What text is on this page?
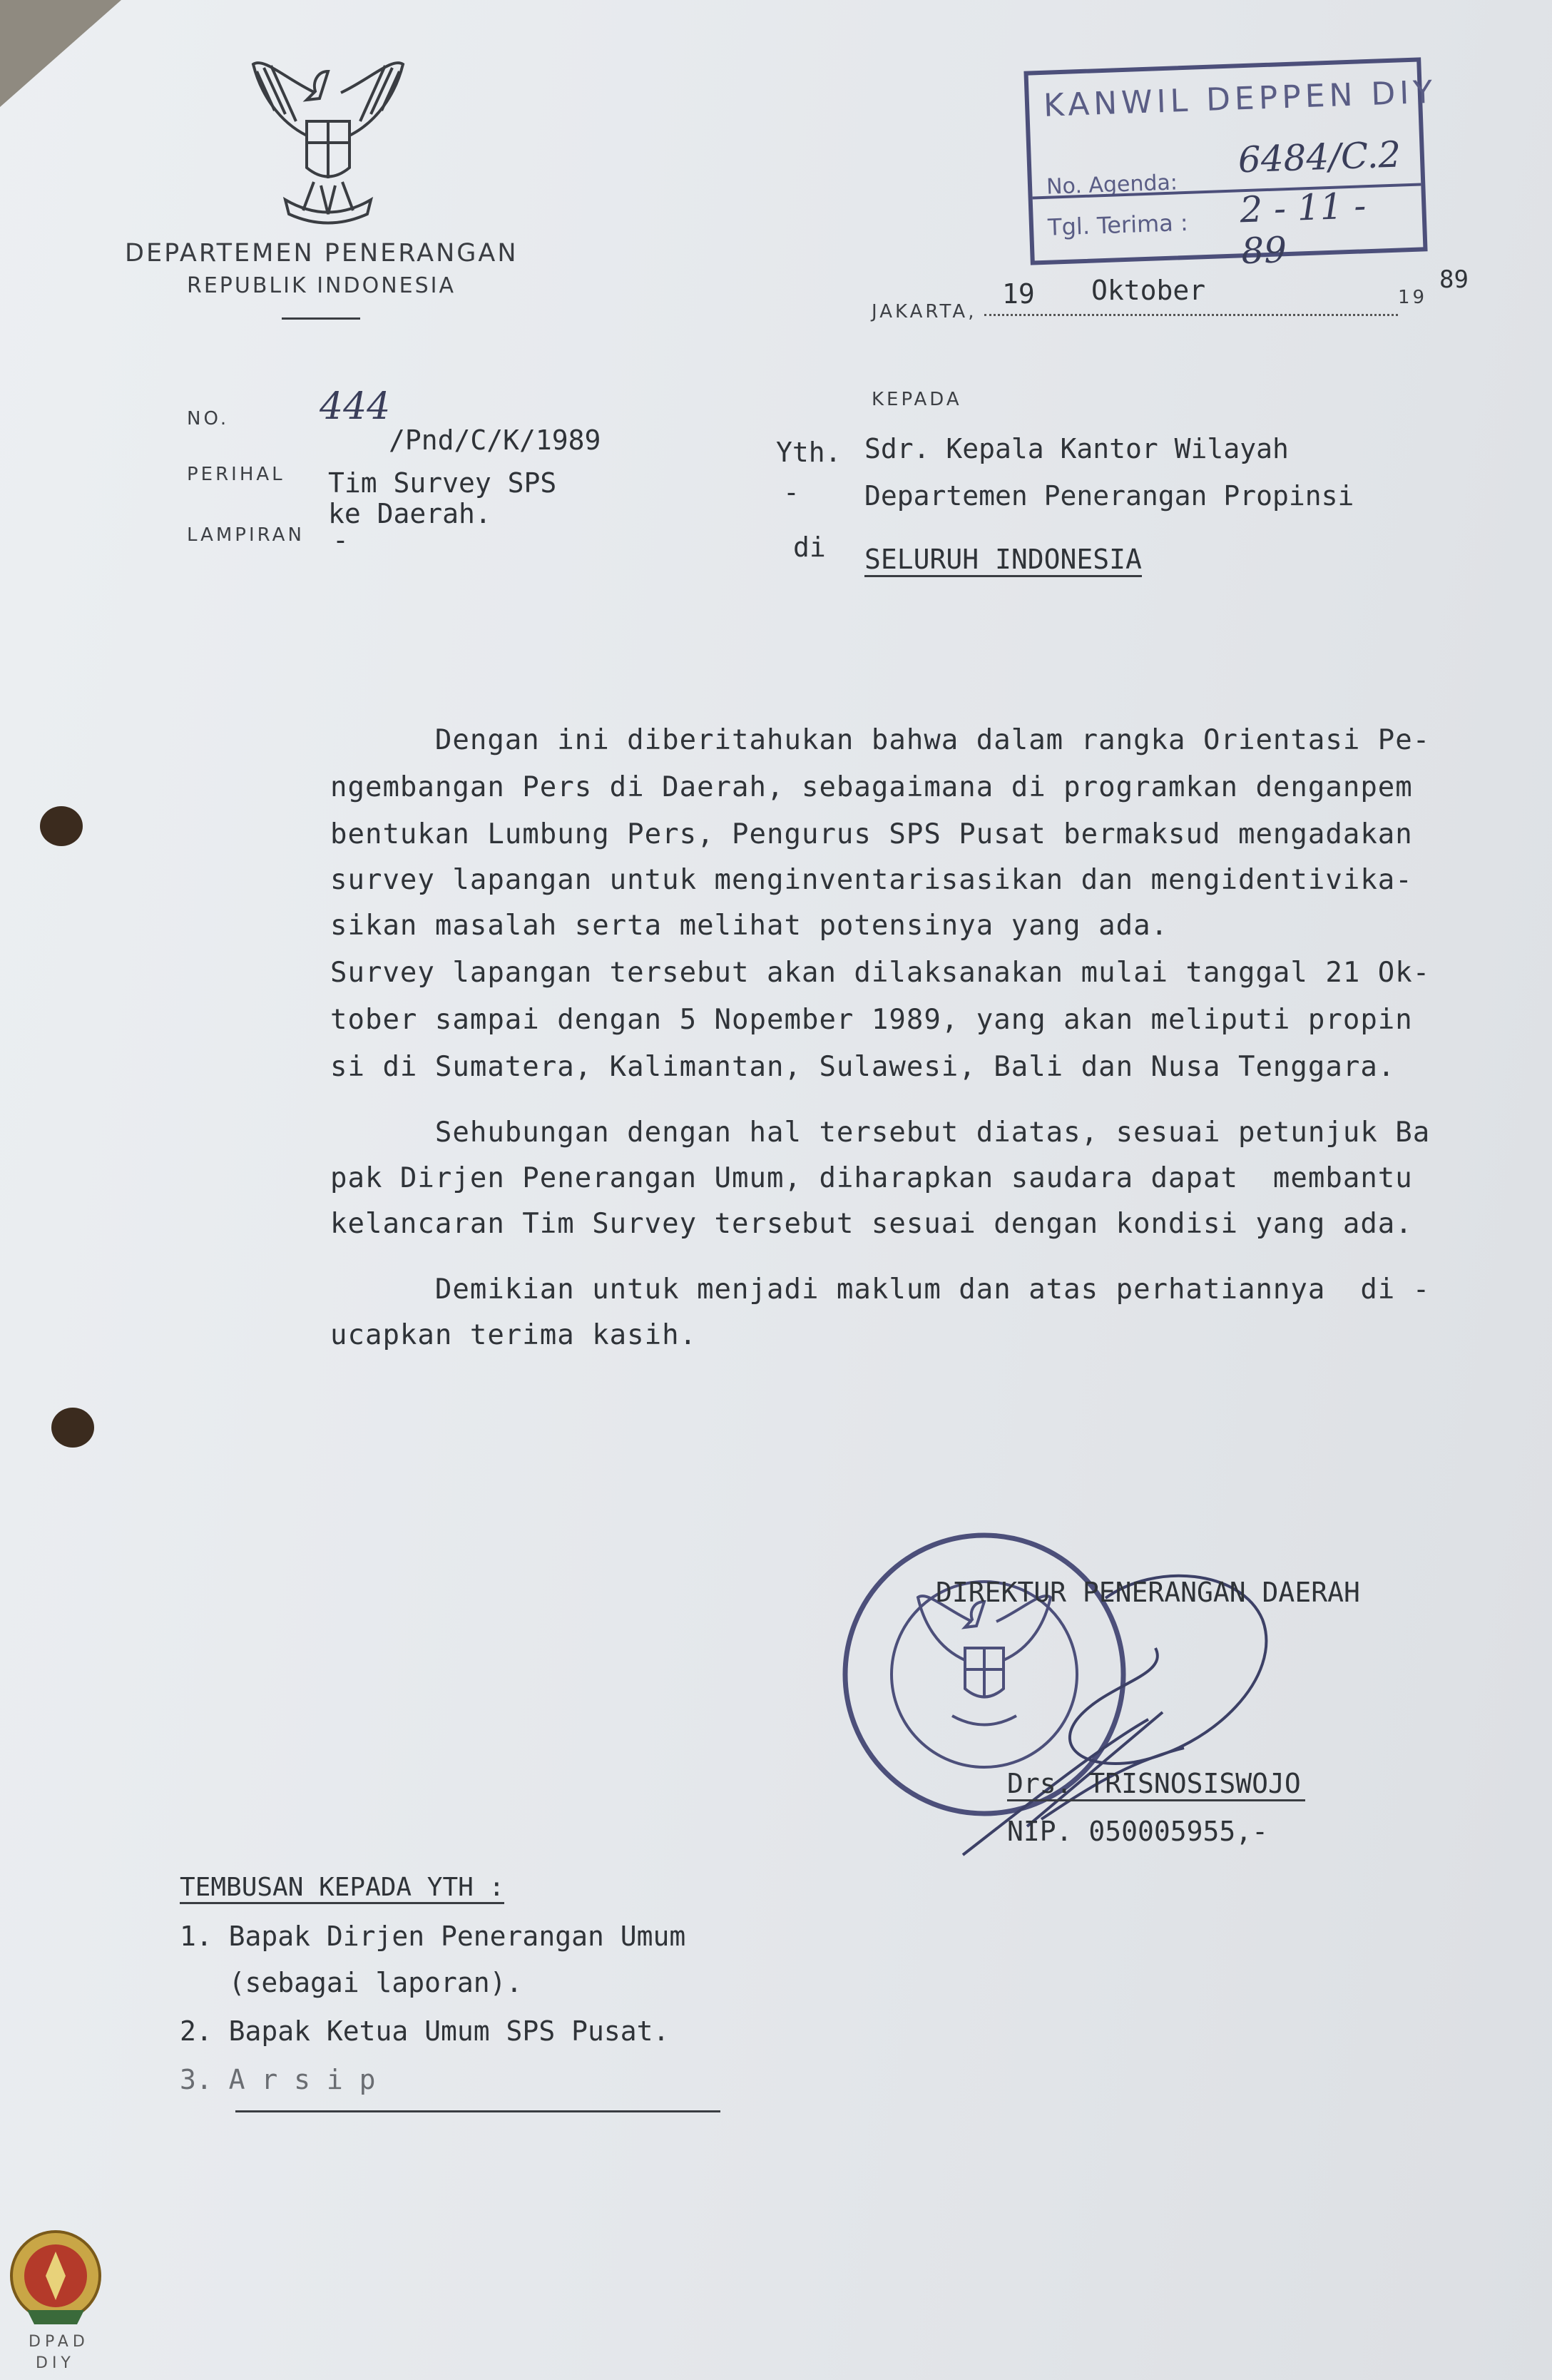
DEPARTEMEN PENERANGAN
REPUBLIK INDONESIA
KANWIL DEPPEN DIY
No. Agenda:
6484/C.2
Tgl. Terima : 2 - 11 - 89
JAKARTA,
19 Oktober	19
89
NO. 444
/Pnd/C/K/1989
PERIHAL Tim Survey SPS
ke Daerah.
LAMPIRAN -
KEPADA
Yth. Sdr. Kepala Kantor Wilayah
- Departemen Penerangan Propinsi
di SELURUH INDONESIA
Dengan ini diberitahukan bahwa dalam rangka Orientasi Pe-
ngembangan Pers di Daerah, sebagaimana di programkan denganpem
bentukan Lumbung Pers, Pengurus SPS Pusat bermaksud mengadakan
survey lapangan untuk menginventarisasikan dan mengidentivika-
sikan masalah serta melihat potensinya yang ada.
Survey lapangan tersebut akan dilaksanakan mulai tanggal 21 Ok-
tober sampai dengan 5 Nopember 1989, yang akan meliputi propin
si di Sumatera, Kalimantan, Sulawesi, Bali dan Nusa Tenggara.
Sehubungan dengan hal tersebut diatas, sesuai petunjuk Ba
pak Dirjen Penerangan Umum, diharapkan saudara dapat  membantu
kelancaran Tim Survey tersebut sesuai dengan kondisi yang ada.
Demikian untuk menjadi maklum dan atas perhatiannya  di -
ucapkan terima kasih.
DIREKTUR PENERANGAN DAERAH
Drs. TRISNOSISWOJO
NIP. 050005955,-
TEMBUSAN KEPADA YTH :
1. Bapak Dirjen Penerangan Umum
(sebagai laporan).
2. Bapak Ketua Umum SPS Pusat.
3. A r s i p
DPAD
DIY
